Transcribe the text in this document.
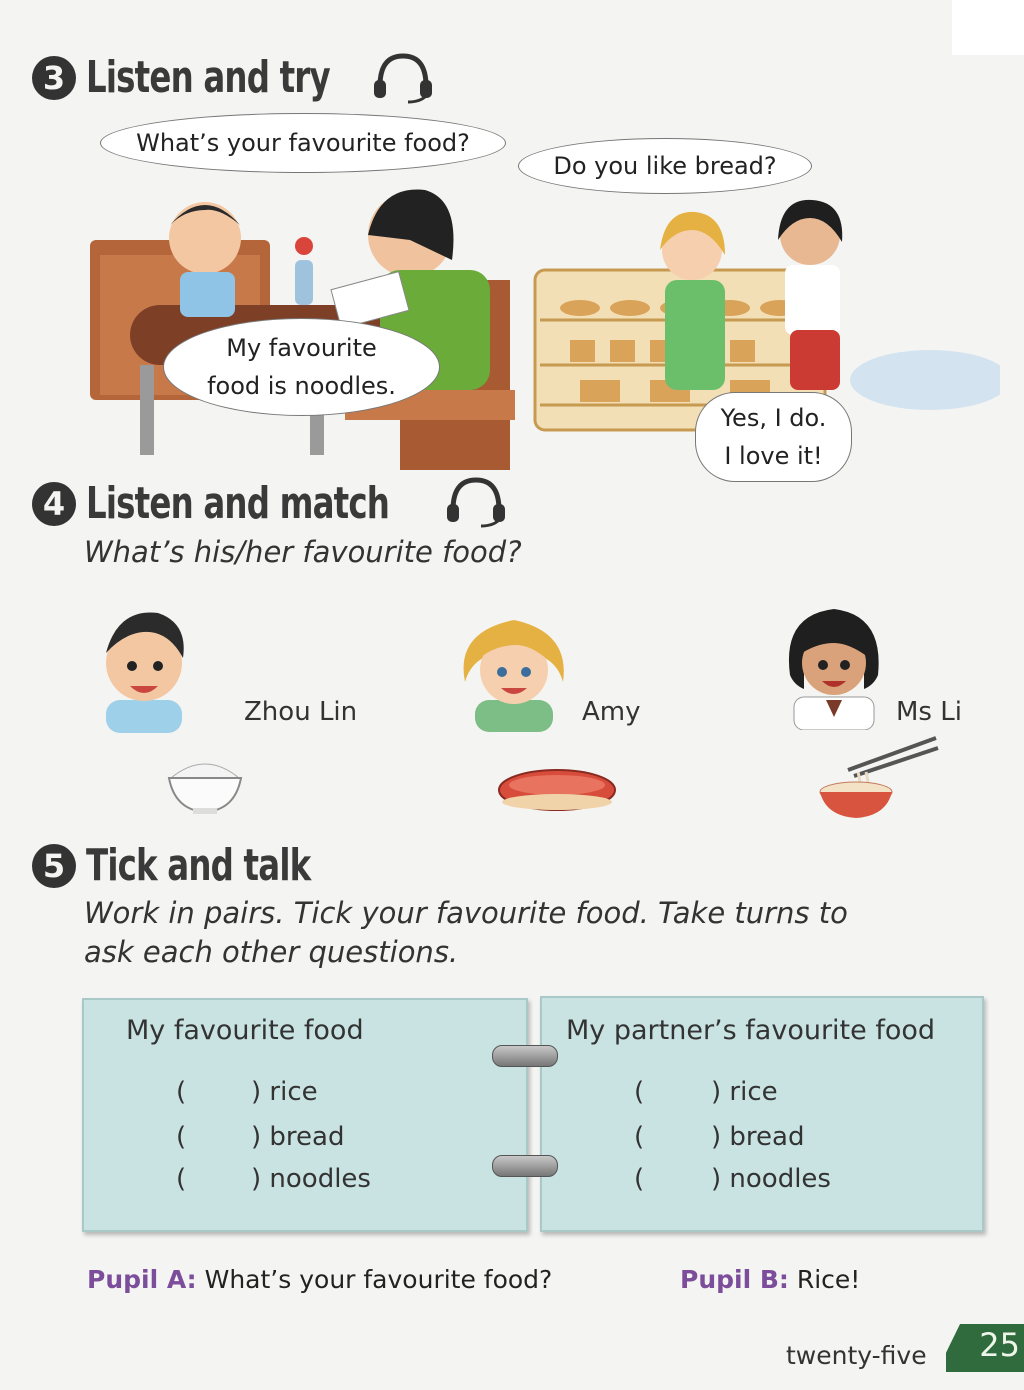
3 Listen and try
What’s your favourite food?
My favourite
food is noodles.
Do you like bread?
Yes, I do.
I love it!
4 Listen and match
What’s his/her favourite food?
Zhou Lin	Amy	Ms Li
5 Tick and talk
Work in pairs. Tick your favourite food. Take turns to
ask each other questions.
My favourite food	My partner’s favourite food
( ) rice
( ) bread
( ) noodles
(	) rice
(	) bread
(	) noodles
Pupil A: What’s your favourite food?	Pupil B: Rice!
twenty-five 25
